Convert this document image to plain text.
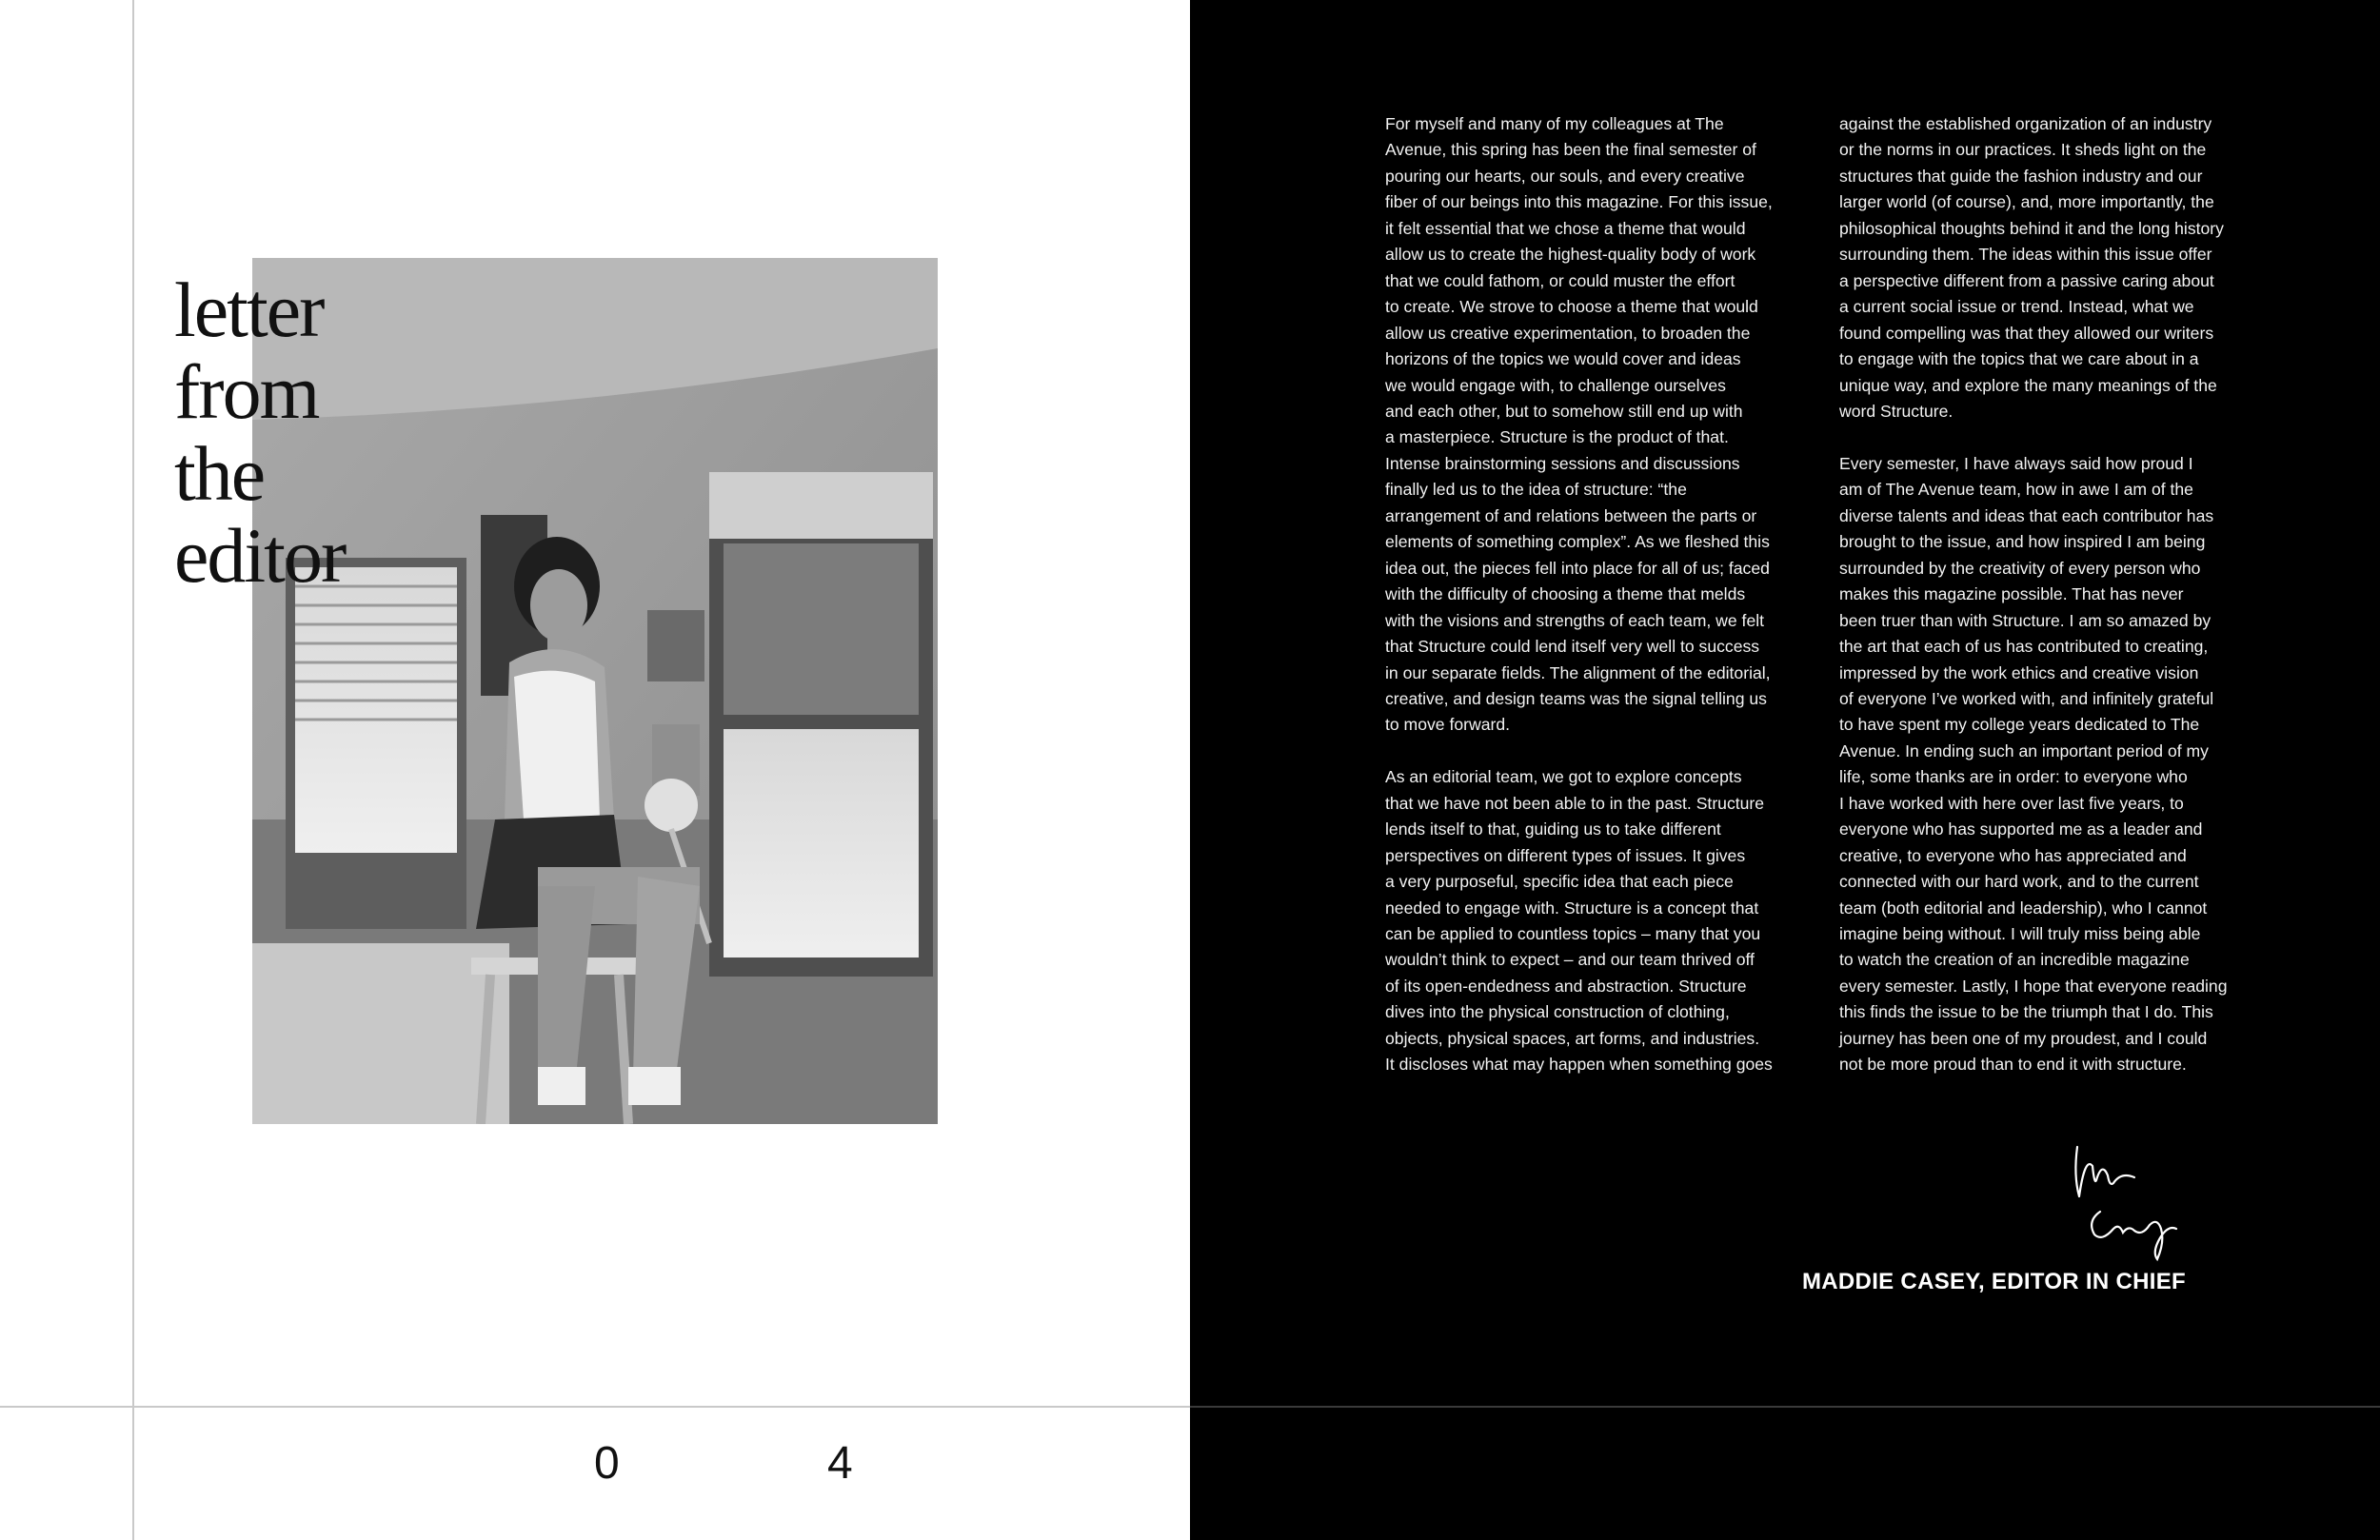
letter
from
the
editor
0	4

For myself and many of my colleagues at The
Avenue, this spring has been the final semester of
pouring our hearts, our souls, and every creative
fiber of our beings into this magazine. For this issue,
it felt essential that we chose a theme that would
allow us to create the highest-quality body of work
that we could fathom, or could muster the effort
to create. We strove to choose a theme that would
allow us creative experimentation, to broaden the
horizons of the topics we would cover and ideas
we would engage with, to challenge ourselves
and each other, but to somehow still end up with
a masterpiece. Structure is the product of that.
Intense brainstorming sessions and discussions
finally led us to the idea of structure: “the
arrangement of and relations between the parts or
elements of something complex”. As we fleshed this
idea out, the pieces fell into place for all of us; faced
with the difficulty of choosing a theme that melds
with the visions and strengths of each team, we felt
that Structure could lend itself very well to success
in our separate fields. The alignment of the editorial,
creative, and design teams was the signal telling us
to move forward.

As an editorial team, we got to explore concepts
that we have not been able to in the past. Structure
lends itself to that, guiding us to take different
perspectives on different types of issues. It gives
a very purposeful, specific idea that each piece
needed to engage with. Structure is a concept that
can be applied to countless topics – many that you
wouldn’t think to expect – and our team thrived off
of its open-endedness and abstraction. Structure
dives into the physical construction of clothing,
objects, physical spaces, art forms, and industries.
It discloses what may happen when something goes

against the established organization of an industry
or the norms in our practices. It sheds light on the
structures that guide the fashion industry and our
larger world (of course), and, more importantly, the
philosophical thoughts behind it and the long history
surrounding them. The ideas within this issue offer
a perspective different from a passive caring about
a current social issue or trend. Instead, what we
found compelling was that they allowed our writers
to engage with the topics that we care about in a
unique way, and explore the many meanings of the
word Structure.

Every semester, I have always said how proud I
am of The Avenue team, how in awe I am of the
diverse talents and ideas that each contributor has
brought to the issue, and how inspired I am being
surrounded by the creativity of every person who
makes this magazine possible. That has never
been truer than with Structure. I am so amazed by
the art that each of us has contributed to creating,
impressed by the work ethics and creative vision
of everyone I’ve worked with, and infinitely grateful
to have spent my college years dedicated to The
Avenue. In ending such an important period of my
life, some thanks are in order: to everyone who
I have worked with here over last five years, to
everyone who has supported me as a leader and
creative, to everyone who has appreciated and
connected with our hard work, and to the current
team (both editorial and leadership), who I cannot
imagine being without. I will truly miss being able
to watch the creation of an incredible magazine
every semester. Lastly, I hope that everyone reading
this finds the issue to be the triumph that I do. This
journey has been one of my proudest, and I could
not be more proud than to end it with structure.

MADDIE CASEY, EDITOR IN CHIEF
